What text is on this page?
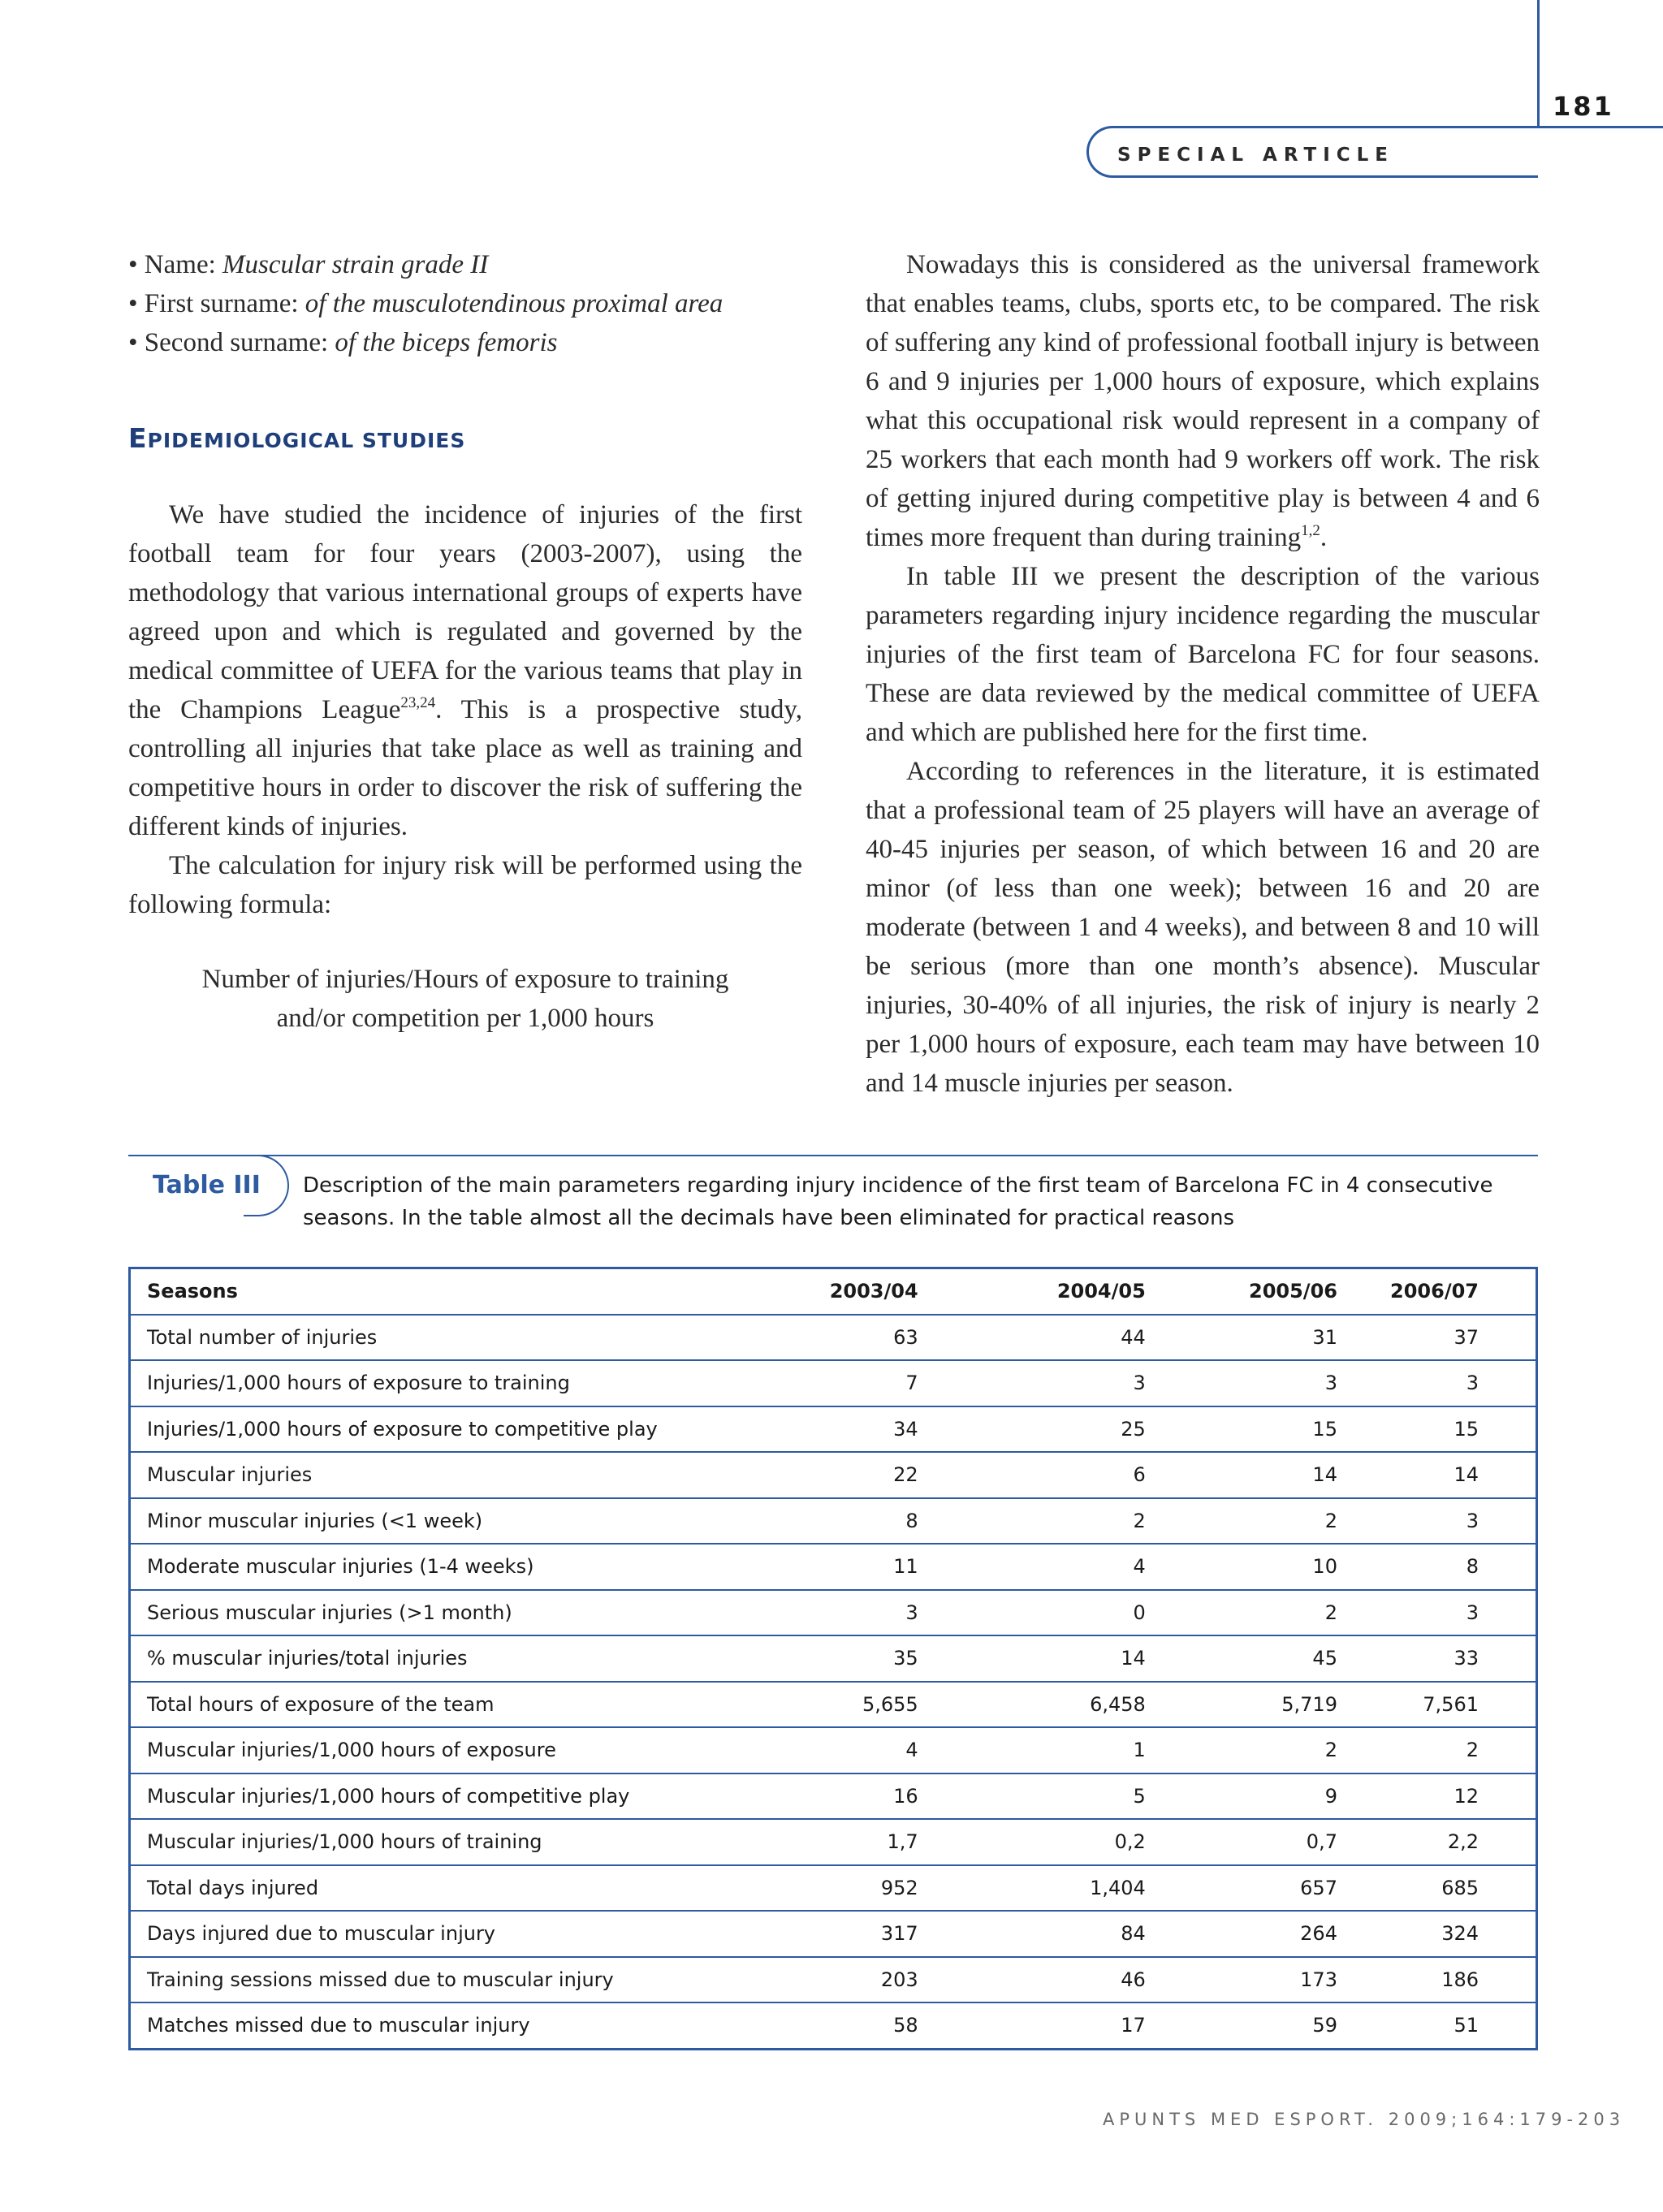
181
SPECIAL ARTICLE
• Name: Muscular strain grade II
• First surname: of the musculotendinous proximal area
• Second surname: of the biceps femoris
EPIDEMIOLOGICAL STUDIES

We have studied the incidence of injuries of the first football team for four years (2003-2007), using the methodology that various international groups of experts have agreed upon and which is regulated and governed by the medical committee of UEFA for the various teams that play in the Champions League$^{23,24}$. This is a prospective study, controlling all injuries that take place as well as training and competitive hours in order to discover the risk of suffering the different kinds of injuries.

The calculation for injury risk will be performed using the following formula:

Number of injuries/Hours of exposure to training
and/or competition per 1,000 hours

Nowadays this is considered as the universal framework that enables teams, clubs, sports etc, to be compared. The risk of suffering any kind of professional football injury is between 6 and 9 injuries per 1,000 hours of exposure, which explains what this occupational risk would represent in a company of 25 workers that each month had 9 workers off work. The risk of getting injured during competitive play is between 4 and 6 times more frequent than during training$^{1,2}$.

In table III we present the description of the various parameters regarding injury incidence regarding the muscular injuries of the first team of Barcelona FC for four seasons. These are data reviewed by the medical committee of UEFA and which are published here for the first time.

According to references in the literature, it is estimated that a professional team of 25 players will have an average of 40-45 injuries per season, of which between 16 and 20 are minor (of less than one week); between 16 and 20 are moderate (between 1 and 4 weeks), and between 8 and 10 will be serious (more than one month’s absence). Muscular injuries, 30-40% of all injuries, the risk of injury is nearly 2 per 1,000 hours of exposure, each team may have between 10 and 14 muscle injuries per season.

Table III Description of the main parameters regarding injury incidence of the first team of Barcelona FC in 4 consecutive seasons. In the table almost all the decimals have been eliminated for practical reasons
Seasons	2003/04	2004/05	2005/06	2006/07
Total number of injuries	63	44	31	37
Injuries/1,000 hours of exposure to training	7	3	3	3
Injuries/1,000 hours of exposure to competitive play	34	25	15	15
Muscular injuries	22	6	14	14
Minor muscular injuries (<1 week)	8	2	2	3
Moderate muscular injuries (1-4 weeks)	11	4	10	8
Serious muscular injuries (>1 month)	3	0	2	3
% muscular injuries/total injuries	35	14	45	33
Total hours of exposure of the team	5,655	6,458	5,719	7,561
Muscular injuries/1,000 hours of exposure	4	1	2	2
Muscular injuries/1,000 hours of competitive play	16	5	9	12
Muscular injuries/1,000 hours of training	1,7	0,2	0,7	2,2
Total days injured	952	1,404	657	685
Days injured due to muscular injury	317	84	264	324
Training sessions missed due to muscular injury	203	46	173	186
Matches missed due to muscular injury	58	17	59	51
APUNTS MED ESPORT. 2009;164:179-203
